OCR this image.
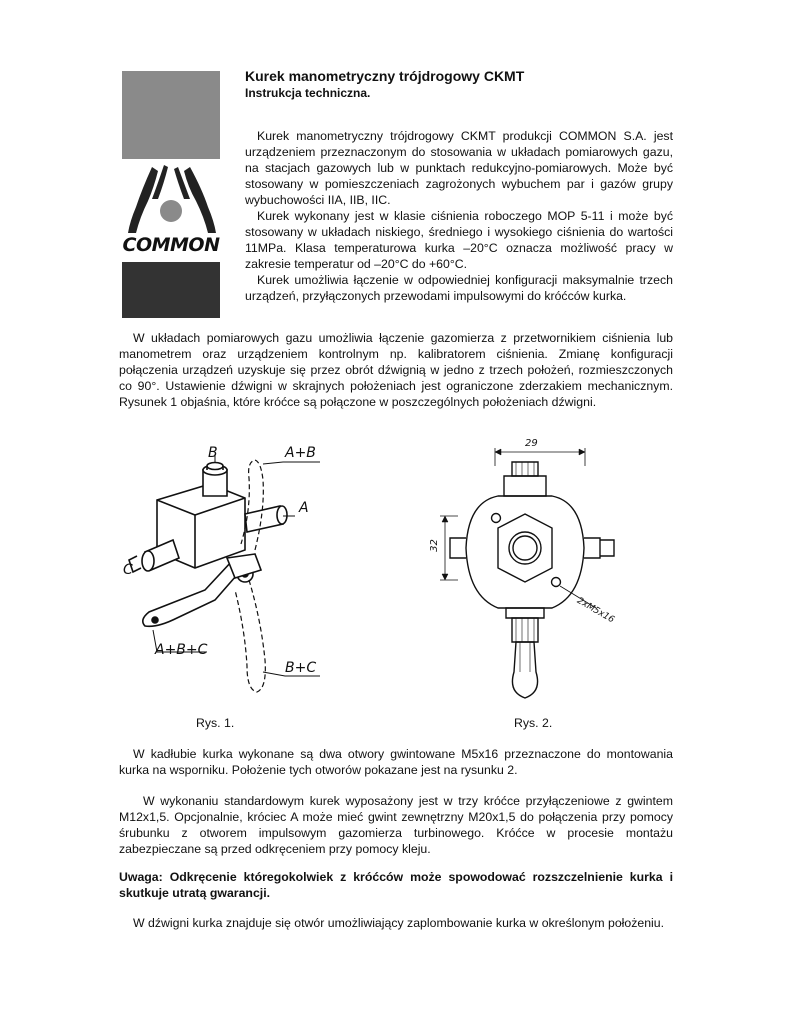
COMMON
Kurek manometryczny trójdrogowy CKMT
Instrukcja techniczna.

Kurek manometryczny trójdrogowy CKMT produkcji COMMON S.A. jest urządzeniem przeznaczonym do stosowania w układach pomiarowych gazu, na stacjach gazowych lub w punktach redukcyjno-pomiarowych. Może być stosowany w pomieszczeniach zagrożonych wybuchem par i gazów grupy wybuchowości IIA, IIB, IIC.

Kurek wykonany jest w klasie ciśnienia roboczego MOP 5-11 i może być stosowany w układach niskiego, średniego i wysokiego ciśnienia do wartości 11MPa. Klasa temperaturowa kurka –20°C oznacza możliwość pracy w zakresie temperatur od –20°C do +60°C.

Kurek umożliwia łączenie w odpowiedniej konfiguracji maksymalnie trzech urządzeń, przyłączonych przewodami impulsowymi do króćców kurka.

W układach pomiarowych gazu umożliwia łączenie gazomierza z przetwornikiem ciśnienia lub manometrem oraz urządzeniem kontrolnym np. kalibratorem ciśnienia. Zmianę konfiguracji połączenia urządzeń uzyskuje się przez obrót dźwignią w jedno z trzech położeń, rozmieszczonych co 90°. Ustawienie dźwigni w skrajnych położeniach jest ograniczone zderzakiem mechanicznym. Rysunek 1 objaśnia, które króćce są połączone w poszczególnych położeniach dźwigni.

B	A+B
A
C
A+B+C
B+C
Rys. 1.
29
32
2xM5x16
Rys. 2.

W kadłubie kurka wykonane są dwa otwory gwintowane M5x16 przeznaczone do montowania kurka na wsporniku. Położenie tych otworów pokazane jest na rysunku 2.

W wykonaniu standardowym kurek wyposażony jest w trzy króćce przyłączeniowe z gwintem M12x1,5. Opcjonalnie, króciec A może mieć gwint zewnętrzny M20x1,5 do połączenia przy pomocy śrubunku z otworem impulsowym gazomierza turbinowego. Króćce w procesie montażu zabezpieczane są przed odkręceniem przy pomocy kleju.

Uwaga: Odkręcenie któregokolwiek z króćców może spowodować rozszczelnienie kurka i skutkuje utratą gwarancji.

W dźwigni kurka znajduje się otwór umożliwiający zaplombowanie kurka w określonym położeniu.
